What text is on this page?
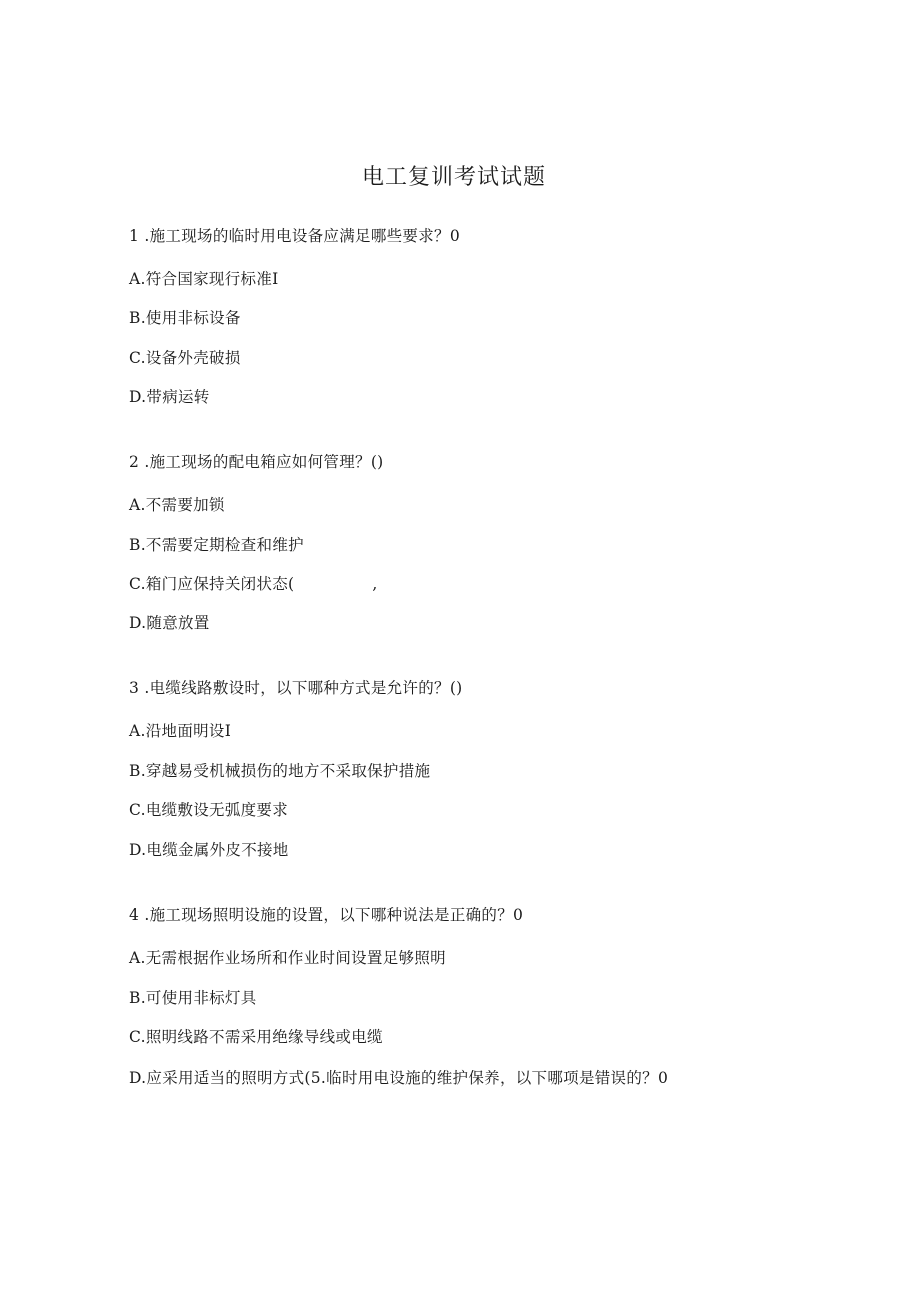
电工复训考试试题
1 .施工现场的临时用电设备应满足哪些要求？0
A.符合国家现行标准I
B.使用非标设备
C.设备外壳破损
D.带病运转
2 .施工现场的配电箱应如何管理？()
A.不需要加锁
B.不需要定期检查和维护
C.箱门应保持关闭状态(	,
D.随意放置
3 .电缆线路敷设时，以下哪种方式是允许的？()
A.沿地面明设I
B.穿越易受机械损伤的地方不采取保护措施
C.电缆敷设无弧度要求
D.电缆金属外皮不接地
4 .施工现场照明设施的设置，以下哪种说法是正确的？0
A.无需根据作业场所和作业时间设置足够照明
B.可使用非标灯具
C.照明线路不需采用绝缘导线或电缆
D.应采用适当的照明方式(5.临时用电设施的维护保养，以下哪项是错误的？0
